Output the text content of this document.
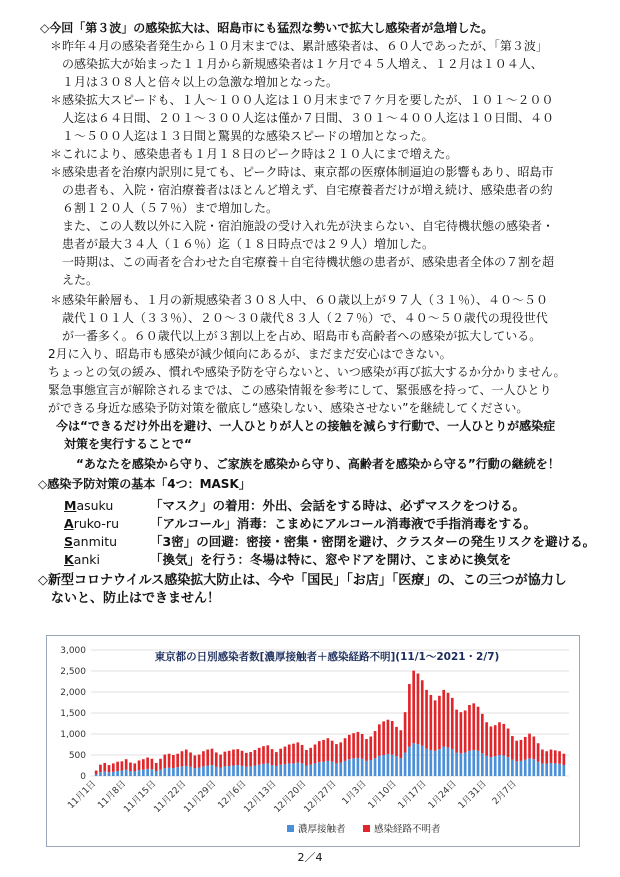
◇今回「第３波」の感染拡大は、昭島市にも猛烈な勢いで拡大し感染者が急増した。
＊昨年４月の感染者発生から１０月末までは、累計感染者は、６０人であったが、「第３波」
　の感染拡大が始まった１１月から新規感染者は１ケ月で４５人増え、１２月は１０４人、
　１月は３０８人と倍々以上の急激な増加となった。
＊感染拡大スピードも、１人～１００人迄は１０月末まで７ケ月を要したが、１０１～２００
　人迄は６４日間、２０１～３００人迄は僅か７日間、３０１～４００人迄は１０日間、４０
　１～５００人迄は１３日間と驚異的な感染スピードの増加となった。
＊これにより、感染患者も１月１８日のピーク時は２１０人にまで増えた。
＊感染患者を治療内訳別に見ても、ピーク時は、東京都の医療体制逼迫の影響もあり、昭島市
　の患者も、入院・宿泊療養者はほとんど増えず、自宅療養者だけが増え続け、感染患者の約
　６割１２０人（５７％）まで増加した。
　また、この人数以外に入院・宿泊施設の受け入れ先が決まらない、自宅待機状態の感染者・
　患者が最大３４人（１６％）迄（１８日時点では２９人）増加した。
　一時期は、この両者を合わせた自宅療養＋自宅待機状態の患者が、感染患者全体の７割を超
　えた。
＊感染年齢層も、１月の新規感染者３０８人中、６０歳以上が９７人（３１％）、４０～５０
　歳代１０１人（３３％）、２０～３０歳代８３人（２７％）で、４０～５０歳代の現役世代
　が一番多く。６０歳代以上が３割以上を占め、昭島市も高齢者への感染が拡大している。
2月に入り、昭島市も感染が減少傾向にあるが、まだまだ安心はできない。
ちょっとの気の緩み、慣れや感染予防を守らないと、いつ感染が再び拡大するか分かりません。
緊急事態宣言が解除されるまでは、この感染情報を参考にして、緊張感を持って、一人ひとり
ができる身近な感染予防対策を徹底し“感染しない、感染させない”を継続してください。
今は“できるだけ外出を避け、一人ひとりが人との接触を減らす行動で、一人ひとりが感染症
対策を実行することで“
　“あなたを感染から守り、ご家族を感染から守り、高齢者を感染から守る”行動の継続を！
◇感染予防対策の基本「4つ：MASK」
Masuku	「マスク」の着用：外出、会話をする時は、必ずマスクをつける。
Aruko-ru 「アルコール」消毒：こまめにアルコール消毒液で手指消毒をする。
Sanmitu	「3密」の回避：密接・密集・密閉を避け、クラスターの発生リスクを避ける。
Kanki	「換気」を行う：冬場は特に、窓やドアを開け、こまめに換気を
◇新型コロナウイルス感染拡大防止は、今や「国民」「お店」「医療」の、この三つが協力し
　ないと、防止はできません！
東京都の日別感染者数[濃厚接触者＋感染経路不明](11/1～2021・2/7)
3,000
2,500
2,000
1,500
1,000
500
0
11月1日
11月8日
11月15日
11月22日
11月29日
12月6日
12月13日
12月20日
12月27日 1月3日
1月10日
1月17日
1月24日
1月31日 2月7日
濃厚接触者	感染経路不明者
2／4
